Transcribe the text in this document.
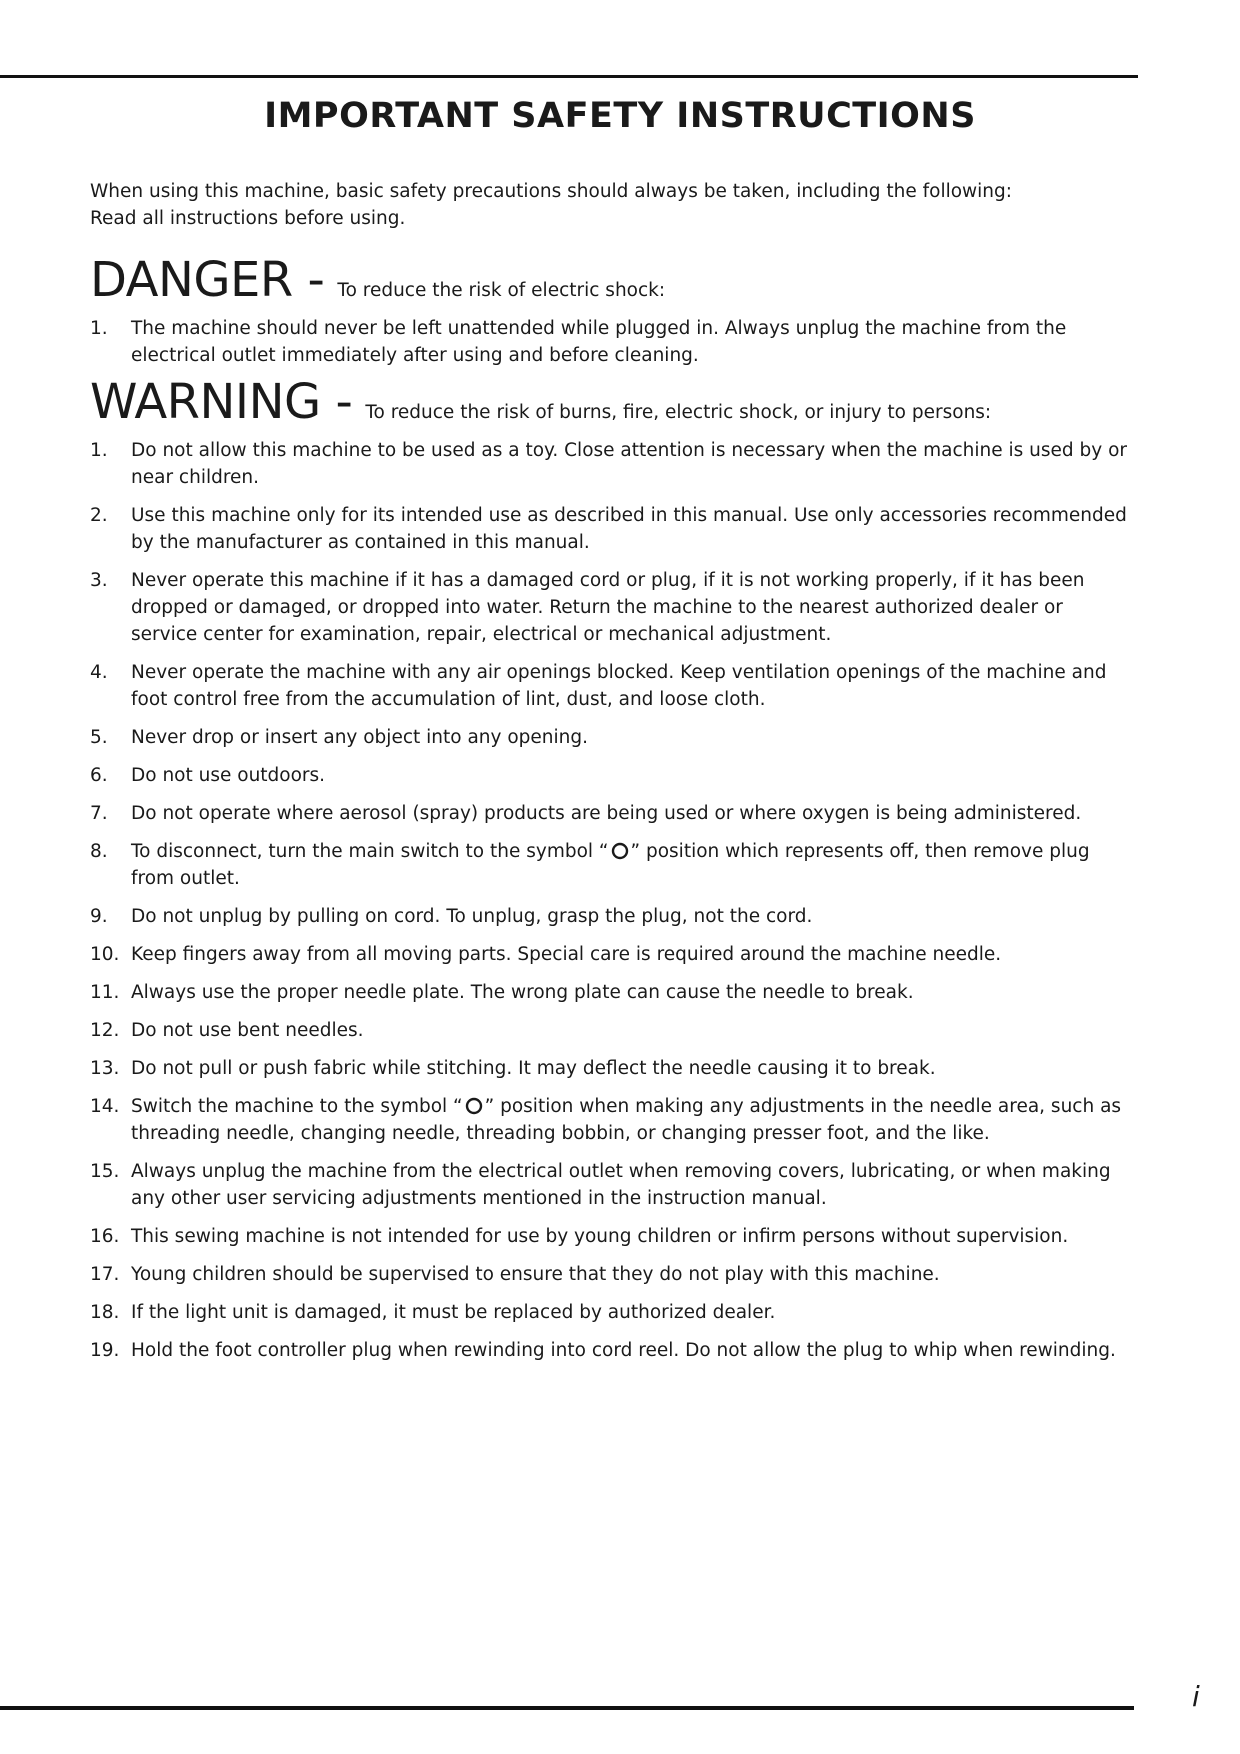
IMPORTANT SAFETY INSTRUCTIONS
When using this machine, basic safety precautions should always be taken, including the following:
Read all instructions before using.
DANGER - To reduce the risk of electric shock:
1. The machine should never be left unattended while plugged in. Always unplug the machine from the electrical outlet immediately after using and before cleaning.
WARNING - To reduce the risk of burns, fire, electric shock, or injury to persons:
1. Do not allow this machine to be used as a toy. Close attention is necessary when the machine is used by or near children.
2. Use this machine only for its intended use as described in this manual. Use only accessories recommended by the manufacturer as contained in this manual.
3. Never operate this machine if it has a damaged cord or plug, if it is not working properly, if it has been dropped or damaged, or dropped into water. Return the machine to the nearest authorized dealer or service center for examination, repair, electrical or mechanical adjustment.
4. Never operate the machine with any air openings blocked. Keep ventilation openings of the machine and foot control free from the accumulation of lint, dust, and loose cloth.
5. Never drop or insert any object into any opening.
6. Do not use outdoors.
7. Do not operate where aerosol (spray) products are being used or where oxygen is being administered.
8. To disconnect, turn the main switch to the symbol “ ” position which represents off, then remove plug from outlet.
9. Do not unplug by pulling on cord. To unplug, grasp the plug, not the cord.
10. Keep fingers away from all moving parts. Special care is required around the machine needle.
11. Always use the proper needle plate. The wrong plate can cause the needle to break.
12. Do not use bent needles.
13. Do not pull or push fabric while stitching. It may deflect the needle causing it to break.
14. Switch the machine to the symbol “ ” position when making any adjustments in the needle area, such as threading needle, changing needle, threading bobbin, or changing presser foot, and the like.
15. Always unplug the machine from the electrical outlet when removing covers, lubricating, or when making any other user servicing adjustments mentioned in the instruction manual.
16. This sewing machine is not intended for use by young children or infirm persons without supervision.
17. Young children should be supervised to ensure that they do not play with this machine.
18. If the light unit is damaged, it must be replaced by authorized dealer.
19. Hold the foot controller plug when rewinding into cord reel. Do not allow the plug to whip when rewinding.
i
